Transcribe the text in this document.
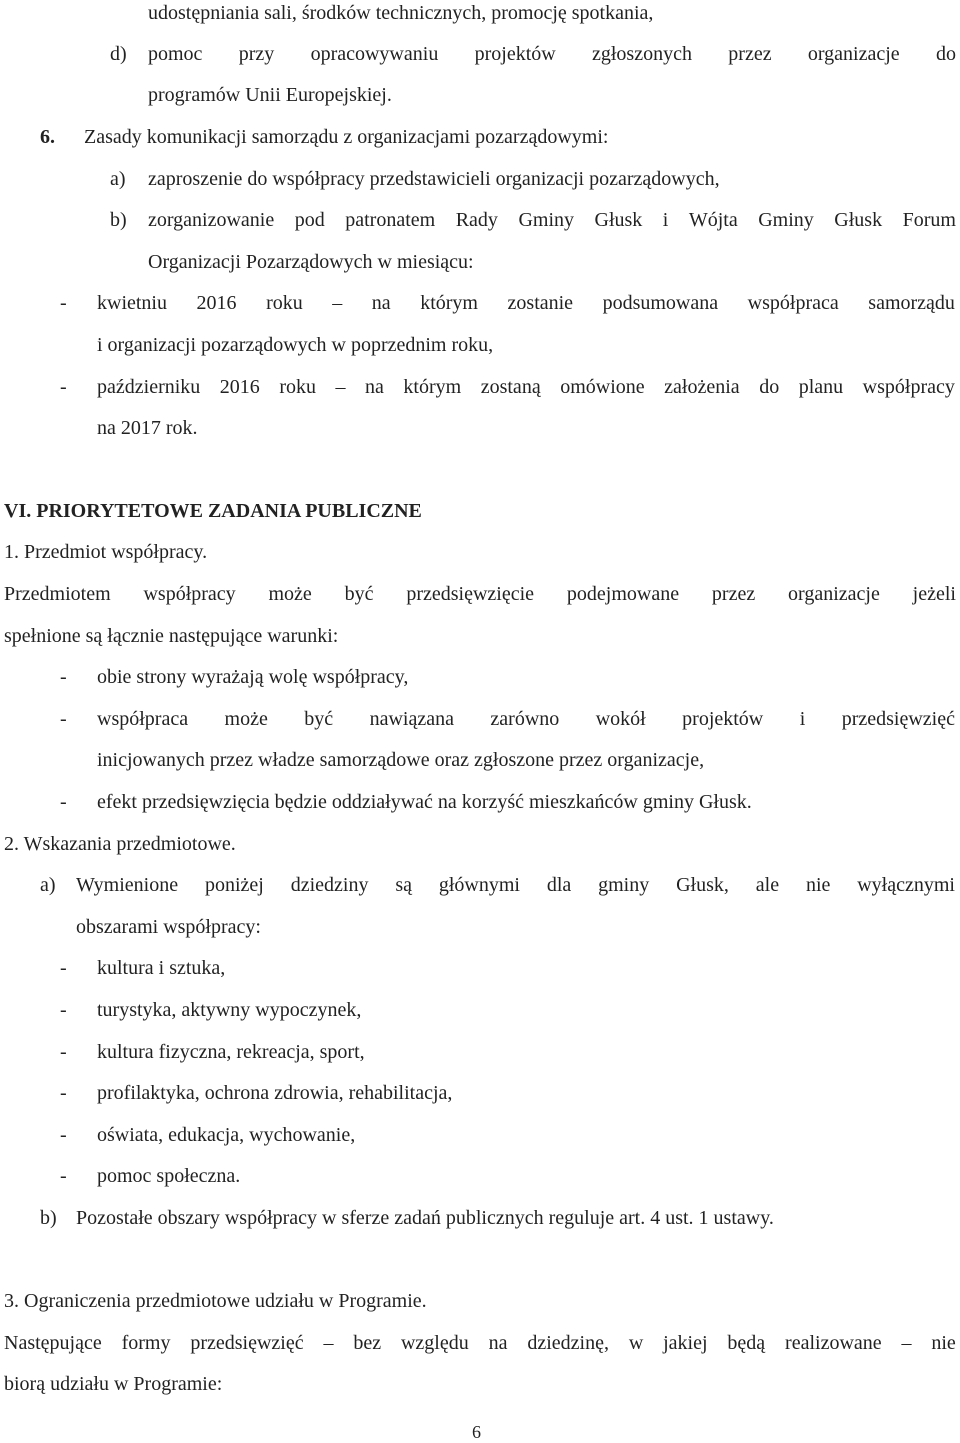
udostępniania sali, środków technicznych, promocję spotkania,

d) pomoc przy opracowywaniu projektów zgłoszonych przez organizacje do

programów Unii Europejskiej.

6. Zasady komunikacji samorządu z organizacjami pozarządowymi:

a) zaproszenie do współpracy przedstawicieli organizacji pozarządowych,

b) zorganizowanie pod patronatem Rady Gminy Głusk i Wójta Gminy Głusk Forum

Organizacji Pozarządowych w miesiącu:

- kwietniu 2016 roku – na którym zostanie podsumowana współpraca samorządu

i organizacji pozarządowych w poprzednim roku,

- październiku 2016 roku – na którym zostaną omówione założenia do planu współpracy

na 2017 rok.

VI. PRIORYTETOWE ZADANIA PUBLICZNE

1. Przedmiot współpracy.

Przedmiotem współpracy może być przedsięwzięcie podejmowane przez organizacje jeżeli

spełnione są łącznie następujące warunki:

- obie strony wyrażają wolę współpracy,

- współpraca może być nawiązana zarówno wokół projektów i przedsięwzięć

inicjowanych przez władze samorządowe oraz zgłoszone przez organizacje,

- efekt przedsięwzięcia będzie oddziaływać na korzyść mieszkańców gminy Głusk.

2. Wskazania przedmiotowe.

a) Wymienione poniżej dziedziny są głównymi dla gminy Głusk, ale nie wyłącznymi

obszarami współpracy:

- kultura i sztuka,

- turystyka, aktywny wypoczynek,

- kultura fizyczna, rekreacja, sport,

- profilaktyka, ochrona zdrowia, rehabilitacja,

- oświata, edukacja, wychowanie,

- pomoc społeczna.

b) Pozostałe obszary współpracy w sferze zadań publicznych reguluje art. 4 ust. 1 ustawy.

3. Ograniczenia przedmiotowe udziału w Programie.

Następujące formy przedsięwzięć – bez względu na dziedzinę, w jakiej będą realizowane – nie

biorą udziału w Programie:

6
